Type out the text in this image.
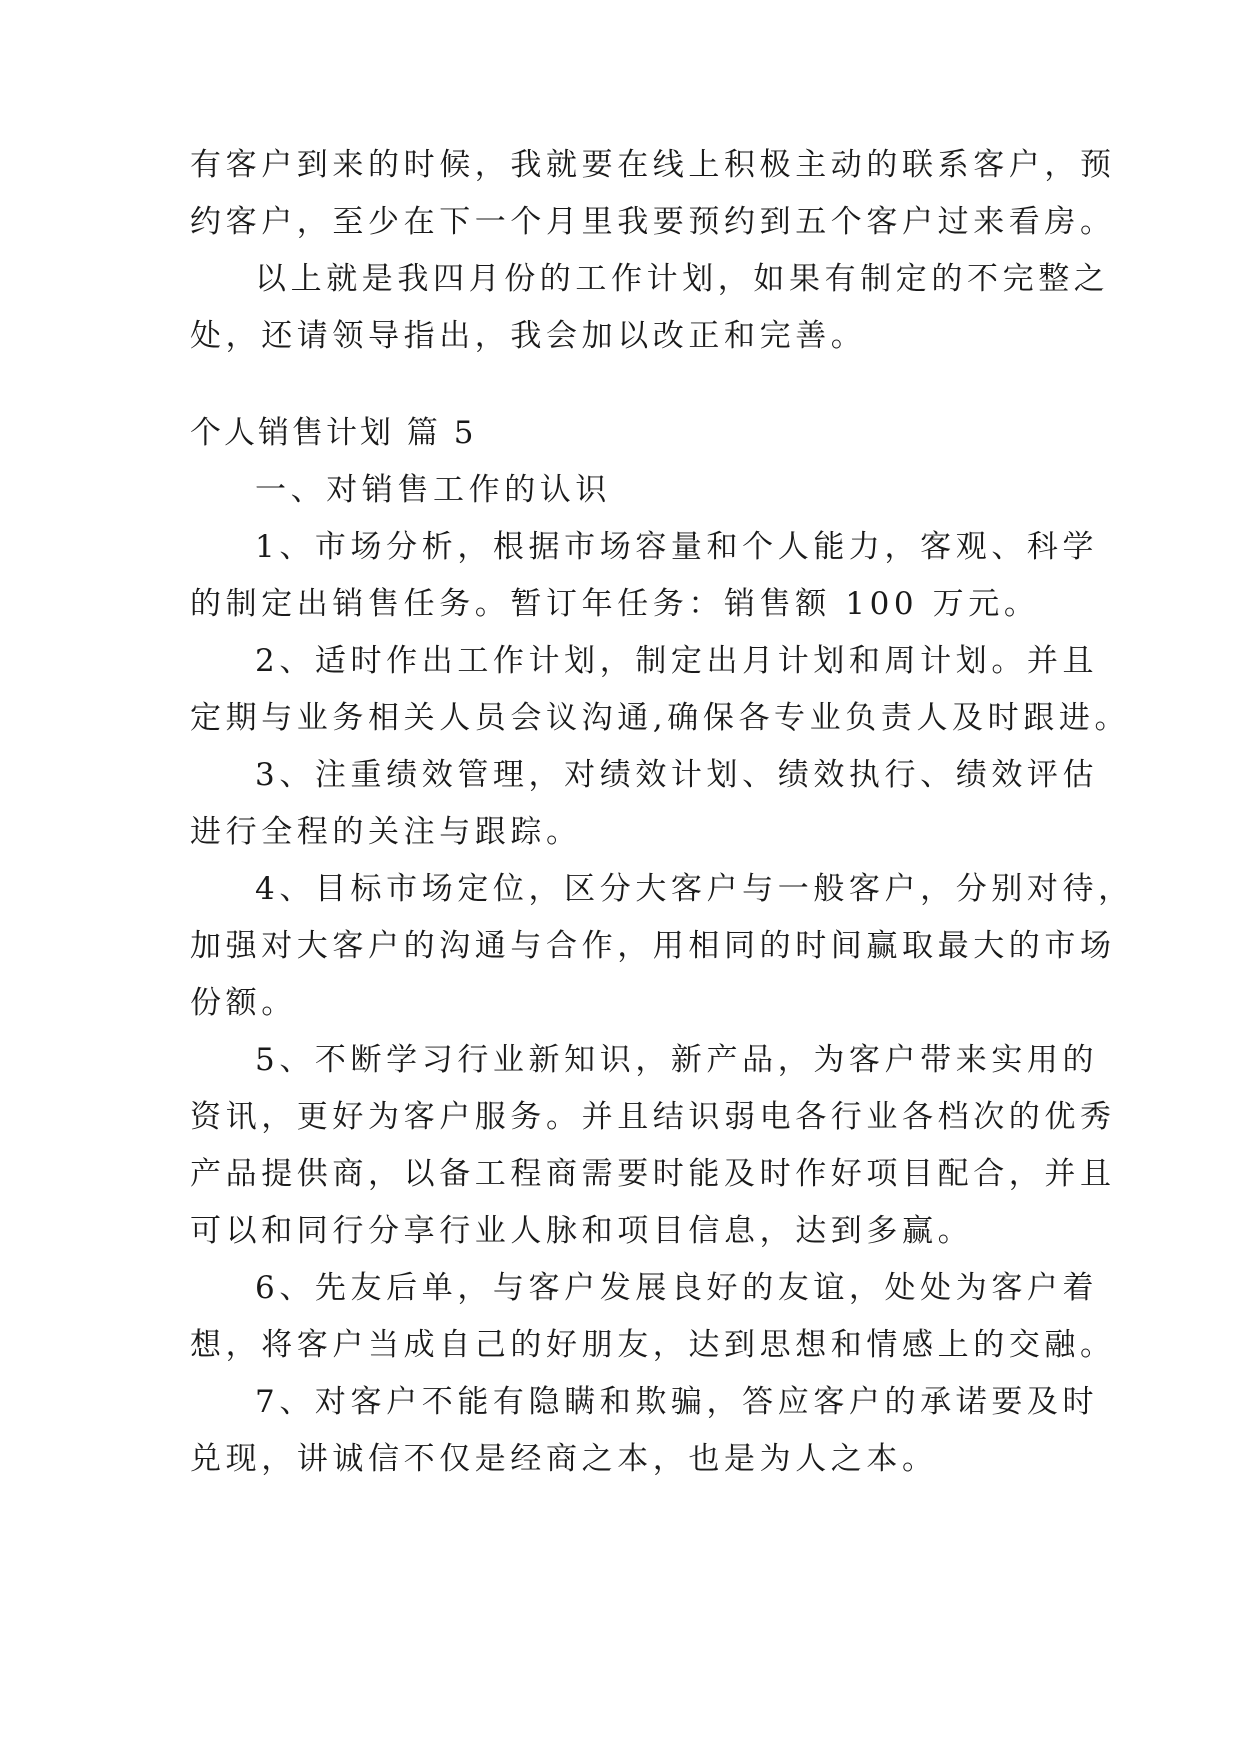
有客户到来的时候，我就要在线上积极主动的联系客户，预
约客户，至少在下一个月里我要预约到五个客户过来看房。
以上就是我四月份的工作计划，如果有制定的不完整之
处，还请领导指出，我会加以改正和完善。
个人销售计划 篇 5
一、对销售工作的认识
1、市场分析，根据市场容量和个人能力，客观、科学
的制定出销售任务。暂订年任务：销售额 100 万元。
2、适时作出工作计划，制定出月计划和周计划。并且
定期与业务相关人员会议沟通,确保各专业负责人及时跟进。
3、注重绩效管理，对绩效计划、绩效执行、绩效评估
进行全程的关注与跟踪。
4、目标市场定位，区分大客户与一般客户，分别对待，
加强对大客户的沟通与合作，用相同的时间赢取最大的市场
份额。
5、不断学习行业新知识，新产品，为客户带来实用的
资讯，更好为客户服务。并且结识弱电各行业各档次的优秀
产品提供商，以备工程商需要时能及时作好项目配合，并且
可以和同行分享行业人脉和项目信息，达到多赢。
6、先友后单，与客户发展良好的友谊，处处为客户着
想，将客户当成自己的好朋友，达到思想和情感上的交融。
7、对客户不能有隐瞒和欺骗，答应客户的承诺要及时
兑现，讲诚信不仅是经商之本，也是为人之本。
